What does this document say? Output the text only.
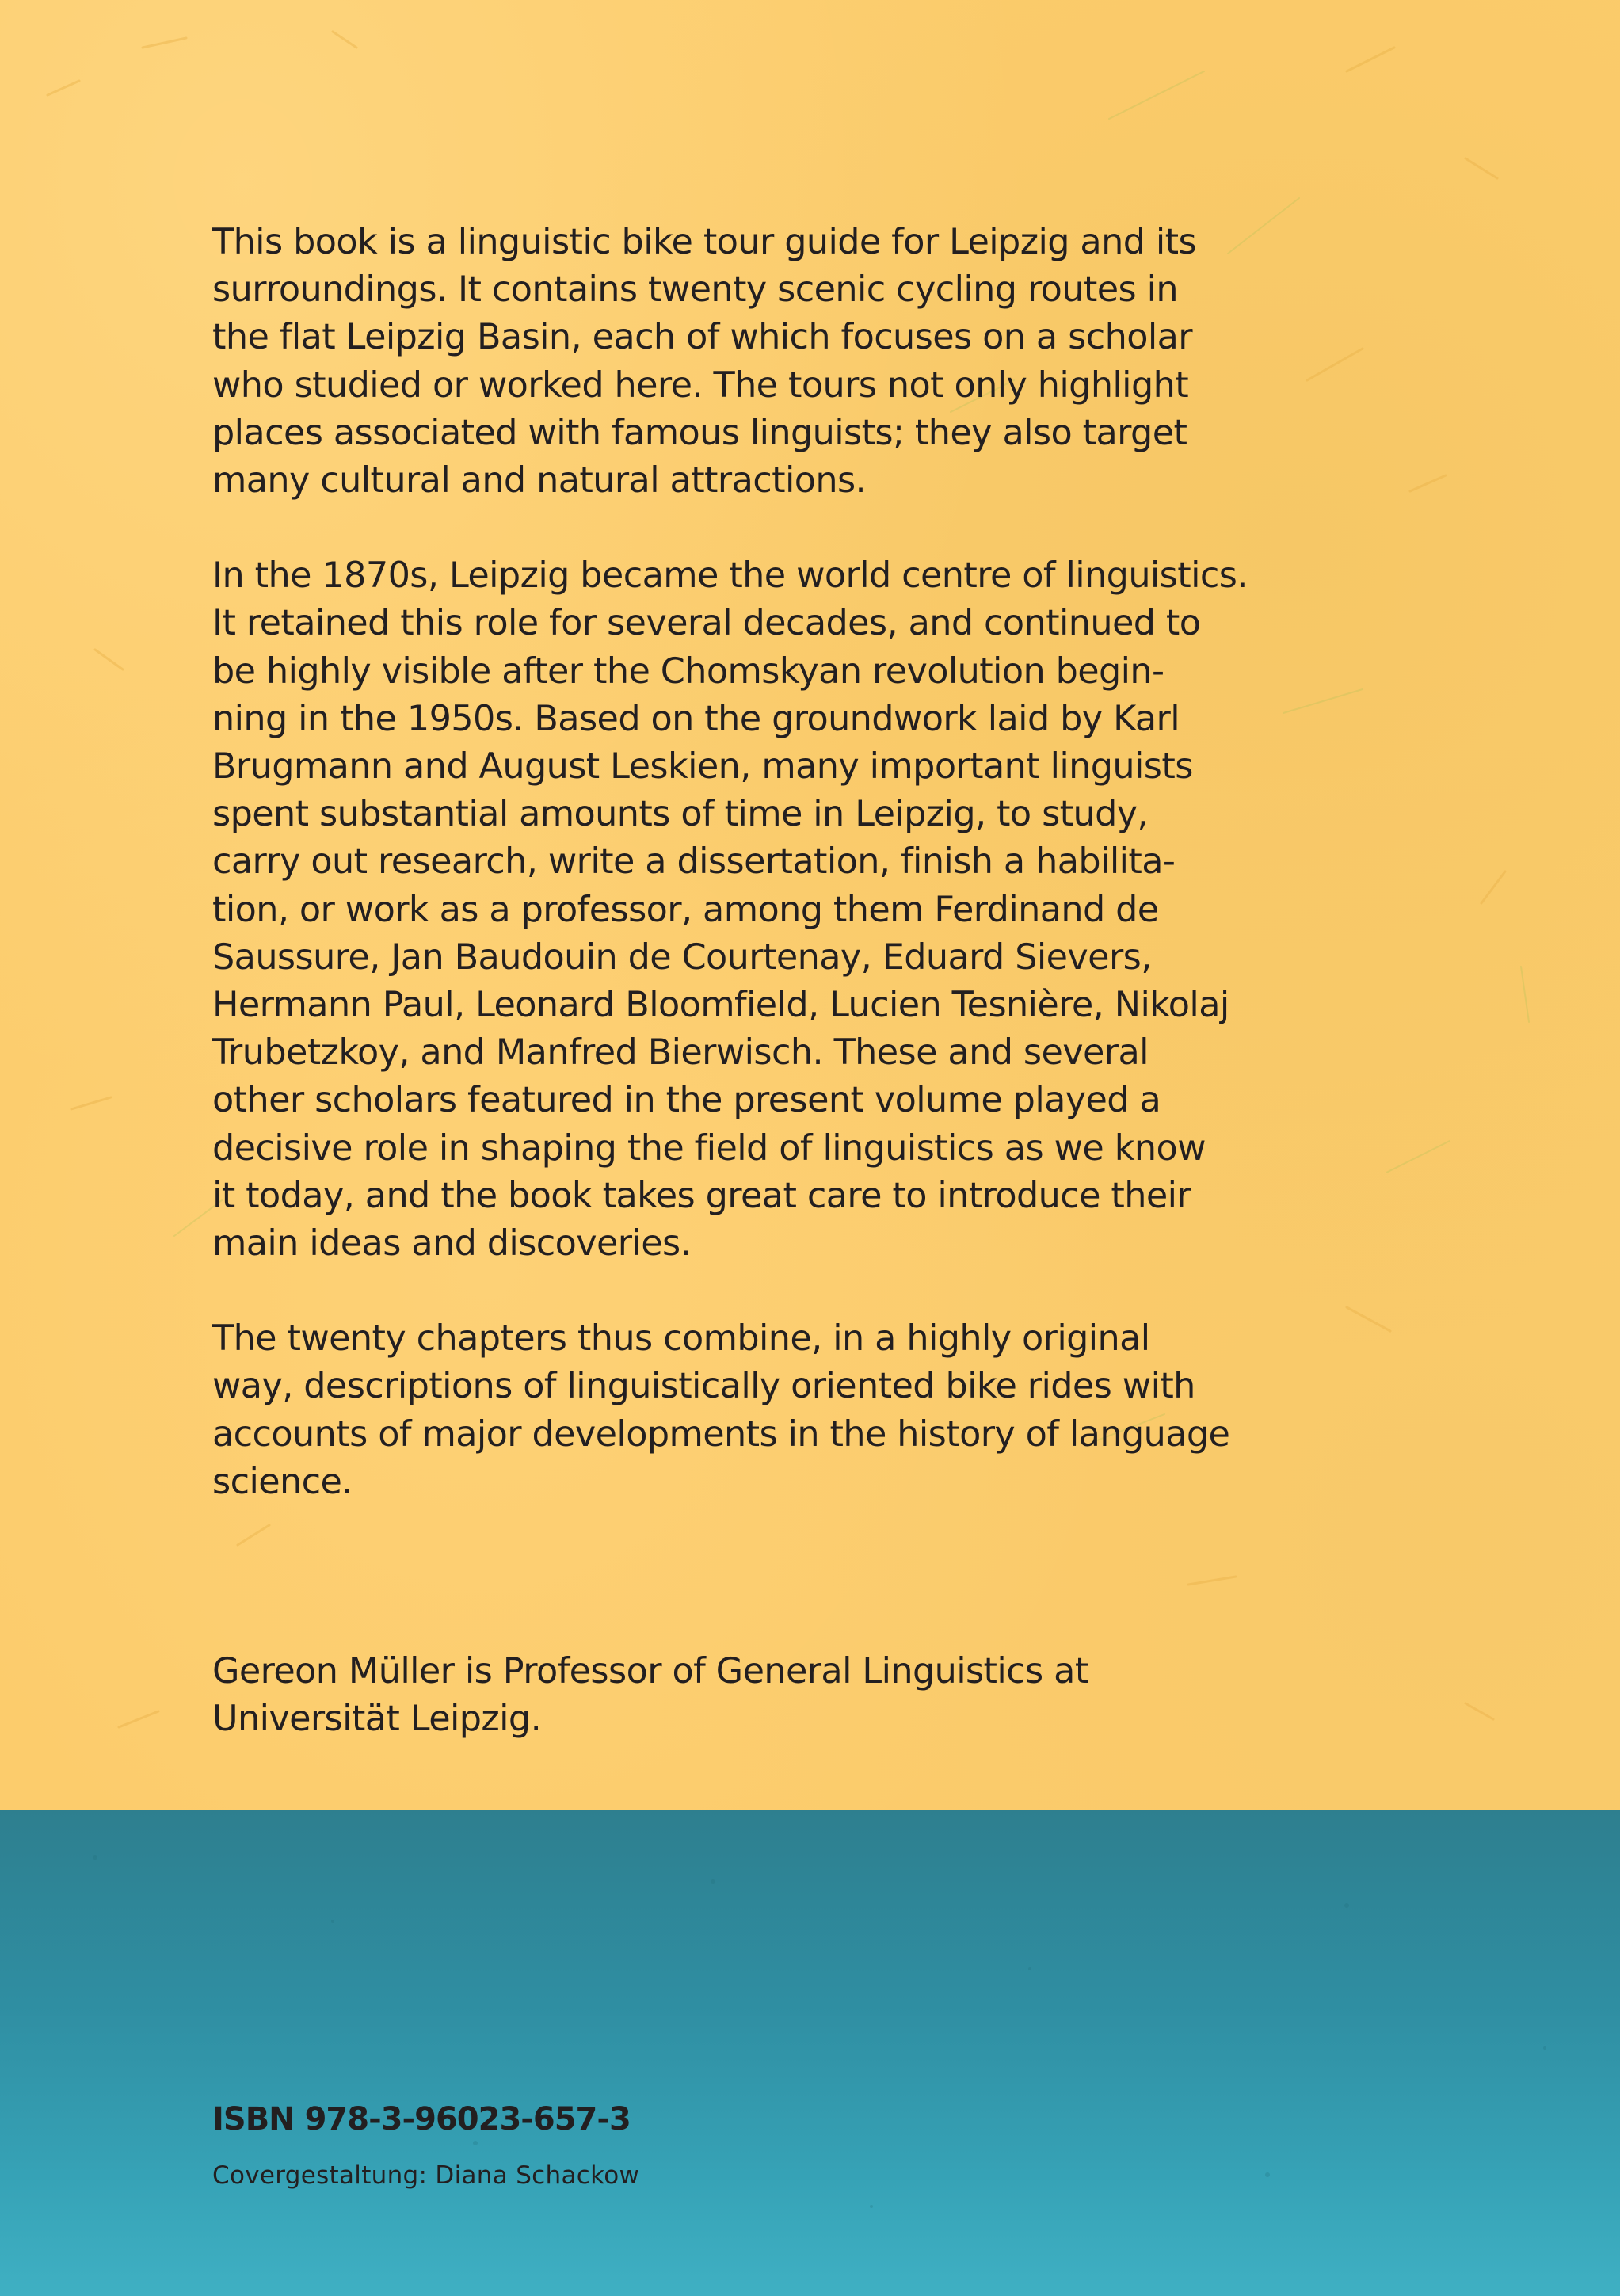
This book is a linguistic bike tour guide for Leipzig and its
surroundings. It contains twenty scenic cycling routes in
the flat Leipzig Basin, each of which focuses on a scholar
who studied or worked here. The tours not only highlight
places associated with famous linguists; they also target
many cultural and natural attractions.

In the 1870s, Leipzig became the world centre of linguistics.
It retained this role for several decades, and continued to
be highly visible after the Chomskyan revolution begin-
ning in the 1950s. Based on the groundwork laid by Karl
Brugmann and August Leskien, many important linguists
spent substantial amounts of time in Leipzig, to study,
carry out research, write a dissertation, finish a habilita-
tion, or work as a professor, among them Ferdinand de
Saussure, Jan Baudouin de Courtenay, Eduard Sievers,
Hermann Paul, Leonard Bloomfield, Lucien Tesnière, Nikolaj
Trubetzkoy, and Manfred Bierwisch. These and several
other scholars featured in the present volume played a
decisive role in shaping the field of linguistics as we know
it today, and the book takes great care to introduce their
main ideas and discoveries.

The twenty chapters thus combine, in a highly original
way, descriptions of linguistically oriented bike rides with
accounts of major developments in the history of language
science.

Gereon Müller is Professor of General Linguistics at
Universität Leipzig.

ISBN 978-3-96023-657-3

Covergestaltung: Diana Schackow
